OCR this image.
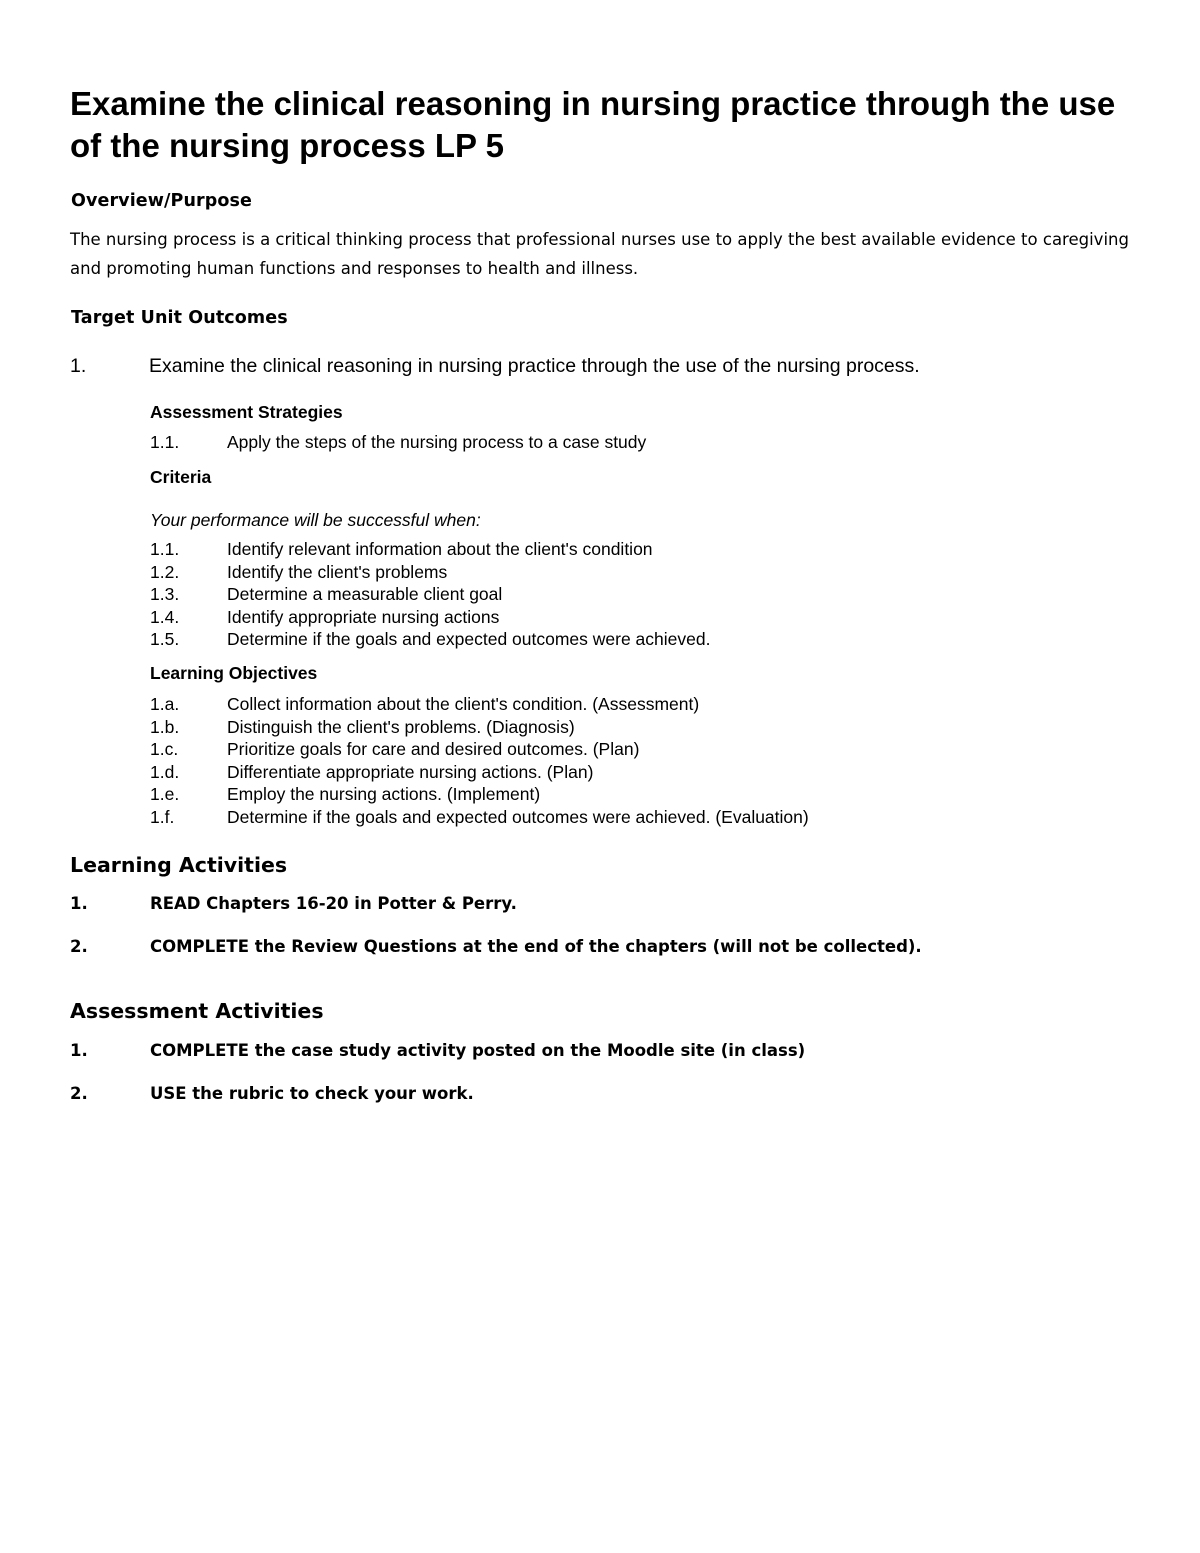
Examine the clinical reasoning in nursing practice through the use of the nursing process LP 5
Overview/Purpose

The nursing process is a critical thinking process that professional nurses use to apply the best available evidence to caregiving and promoting human functions and responses to health and illness.

Target Unit Outcomes
1.	Examine the clinical reasoning in nursing practice through the use of the nursing process.
Assessment Strategies
1.1.	Apply the steps of the nursing process to a case study
Criteria
Your performance will be successful when:
1.1.	Identify relevant information about the client's condition
1.2.	Identify the client's problems
1.3.	Determine a measurable client goal
1.4.	Identify appropriate nursing actions
1.5.	Determine if the goals and expected outcomes were achieved.
Learning Objectives
1.a.	Collect information about the client's condition. (Assessment)
1.b.	Distinguish the client's problems. (Diagnosis)
1.c.	Prioritize goals for care and desired outcomes. (Plan)
1.d.	Differentiate appropriate nursing actions. (Plan)
1.e.	Employ the nursing actions. (Implement)
1.f.	Determine if the goals and expected outcomes were achieved. (Evaluation)
Learning Activities
1.	READ Chapters 16-20 in Potter & Perry.
2.	COMPLETE the Review Questions at the end of the chapters (will not be collected).
Assessment Activities
1.	COMPLETE the case study activity posted on the Moodle site (in class)
2.	USE the rubric to check your work.
